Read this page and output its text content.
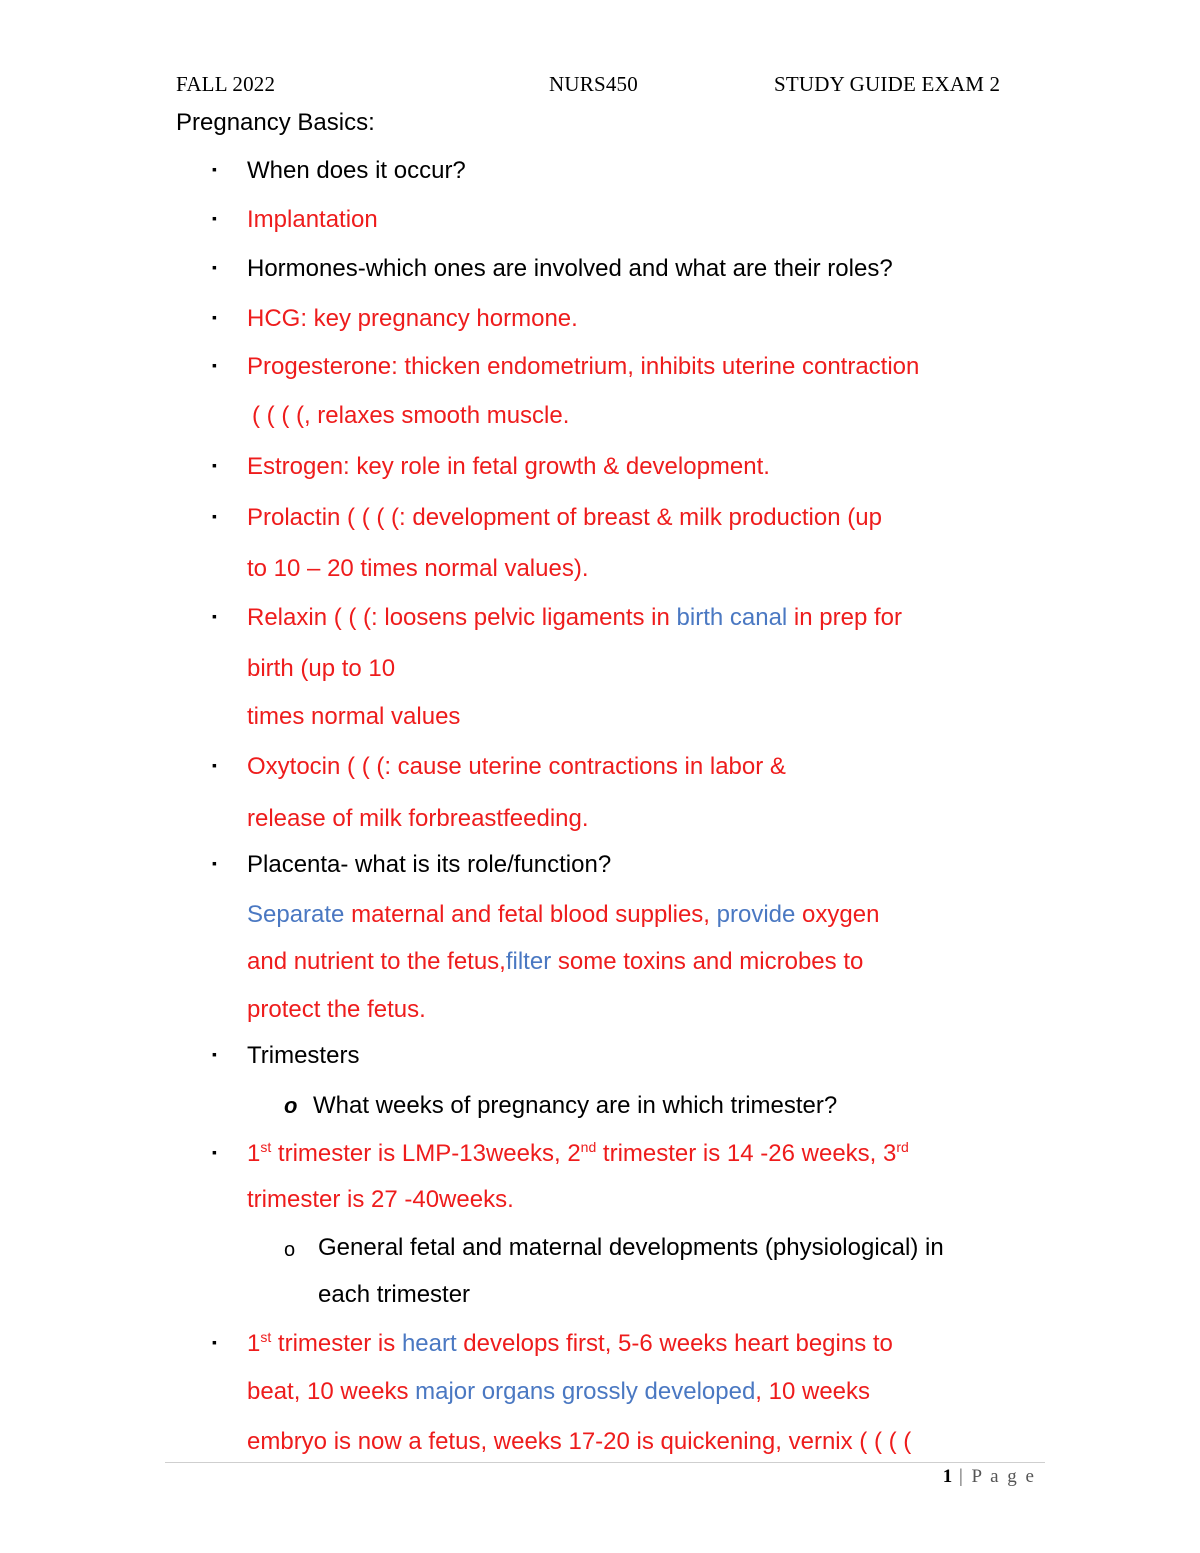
FALL 2022	NURS450	STUDY GUIDE EXAM 2
Pregnancy Basics:
▪ When does it occur?
▪ Implantation
▪ Hormones-which ones are involved and what are their roles?
▪ HCG: key pregnancy hormone.
▪ Progesterone: thicken endometrium, inhibits uterine contraction
( ( ( (, relaxes smooth muscle.
▪ Estrogen: key role in fetal growth & development.
▪ Prolactin ( ( ( (: development of breast & milk production (up
to 10 – 20 times normal values).
▪ Relaxin ( ( (: loosens pelvic ligaments in birth canal in prep for
birth (up to 10
times normal values
▪ Oxytocin ( ( (: cause uterine contractions in labor &
release of milk forbreastfeeding.
▪ Placenta- what is its role/function?
Separate maternal and fetal blood supplies, provide oxygen
and nutrient to the fetus,filter some toxins and microbes to
protect the fetus.
▪ Trimesters
o What weeks of pregnancy are in which trimester?
▪ 1st trimester is LMP-13weeks, 2nd trimester is 14 -26 weeks, 3rd
trimester is 27 -40weeks.
o General fetal and maternal developments (physiological) in
each trimester
▪ 1st trimester is heart develops first, 5-6 weeks heart begins to
beat, 10 weeks major organs grossly developed, 10 weeks
embryo is now a fetus, weeks 17-20 is quickening, vernix ( ( ( (
1 | P a g e
